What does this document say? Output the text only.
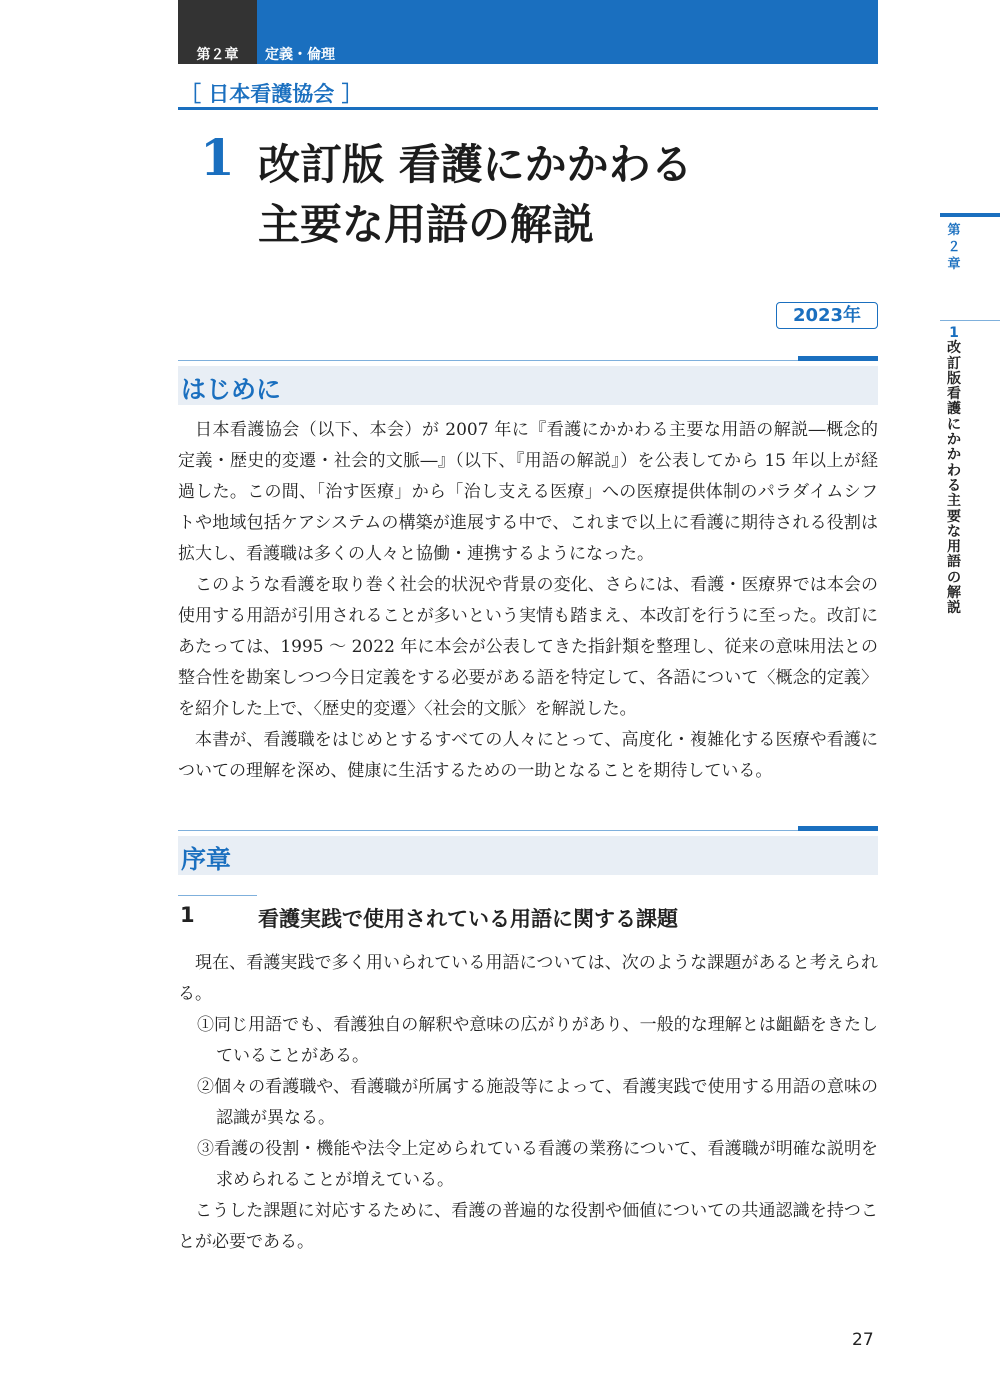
第２章	定義・倫理
［ 日本看護協会 ］
1 改訂版 看護にかかわる
主要な用語の解説
2023年
はじめに

日本看護協会（以下、本会）が 2007 年に『看護にかかわる主要な用語の解説―概念的定義・歴史的変遷・社会的文脈―』（以下、『用語の解説』）を公表してから 15 年以上が経過した。この間、「治す医療」から「治し支える医療」への医療提供体制のパラダイムシフトや地域包括ケアシステムの構築が進展する中で、これまで以上に看護に期待される役割は拡大し、看護職は多くの人々と協働・連携するようになった。

このような看護を取り巻く社会的状況や背景の変化、さらには、看護・医療界では本会の使用する用語が引用されることが多いという実情も踏まえ、本改訂を行うに至った。改訂にあたっては、1995 ～ 2022 年に本会が公表してきた指針類を整理し、従来の意味用法との整合性を勘案しつつ今日定義をする必要がある語を特定して、各語について〈概念的定義〉を紹介した上で、〈歴史的変遷〉〈社会的文脈〉を解説した。

本書が、看護職をはじめとするすべての人々にとって、高度化・複雑化する医療や看護についての理解を深め、健康に生活するための一助となることを期待している。

序章
1	看護実践で使用されている用語に関する課題

現在、看護実践で多く用いられている用語については、次のような課題があると考えられる。

①同じ用語でも、看護独自の解釈や意味の広がりがあり、一般的な理解とは齟齬をきたしていることがある。

②個々の看護職や、看護職が所属する施設等によって、看護実践で使用する用語の意味の認識が異なる。

③看護の役割・機能や法令上定められている看護の業務について、看護職が明確な説明を求められることが増えている。

こうした課題に対応するために、看護の普遍的な役割や価値についての共通認識を持つことが必要である。

第２章
1
改訂版 看護にかかわる主要な用語の解説
27
